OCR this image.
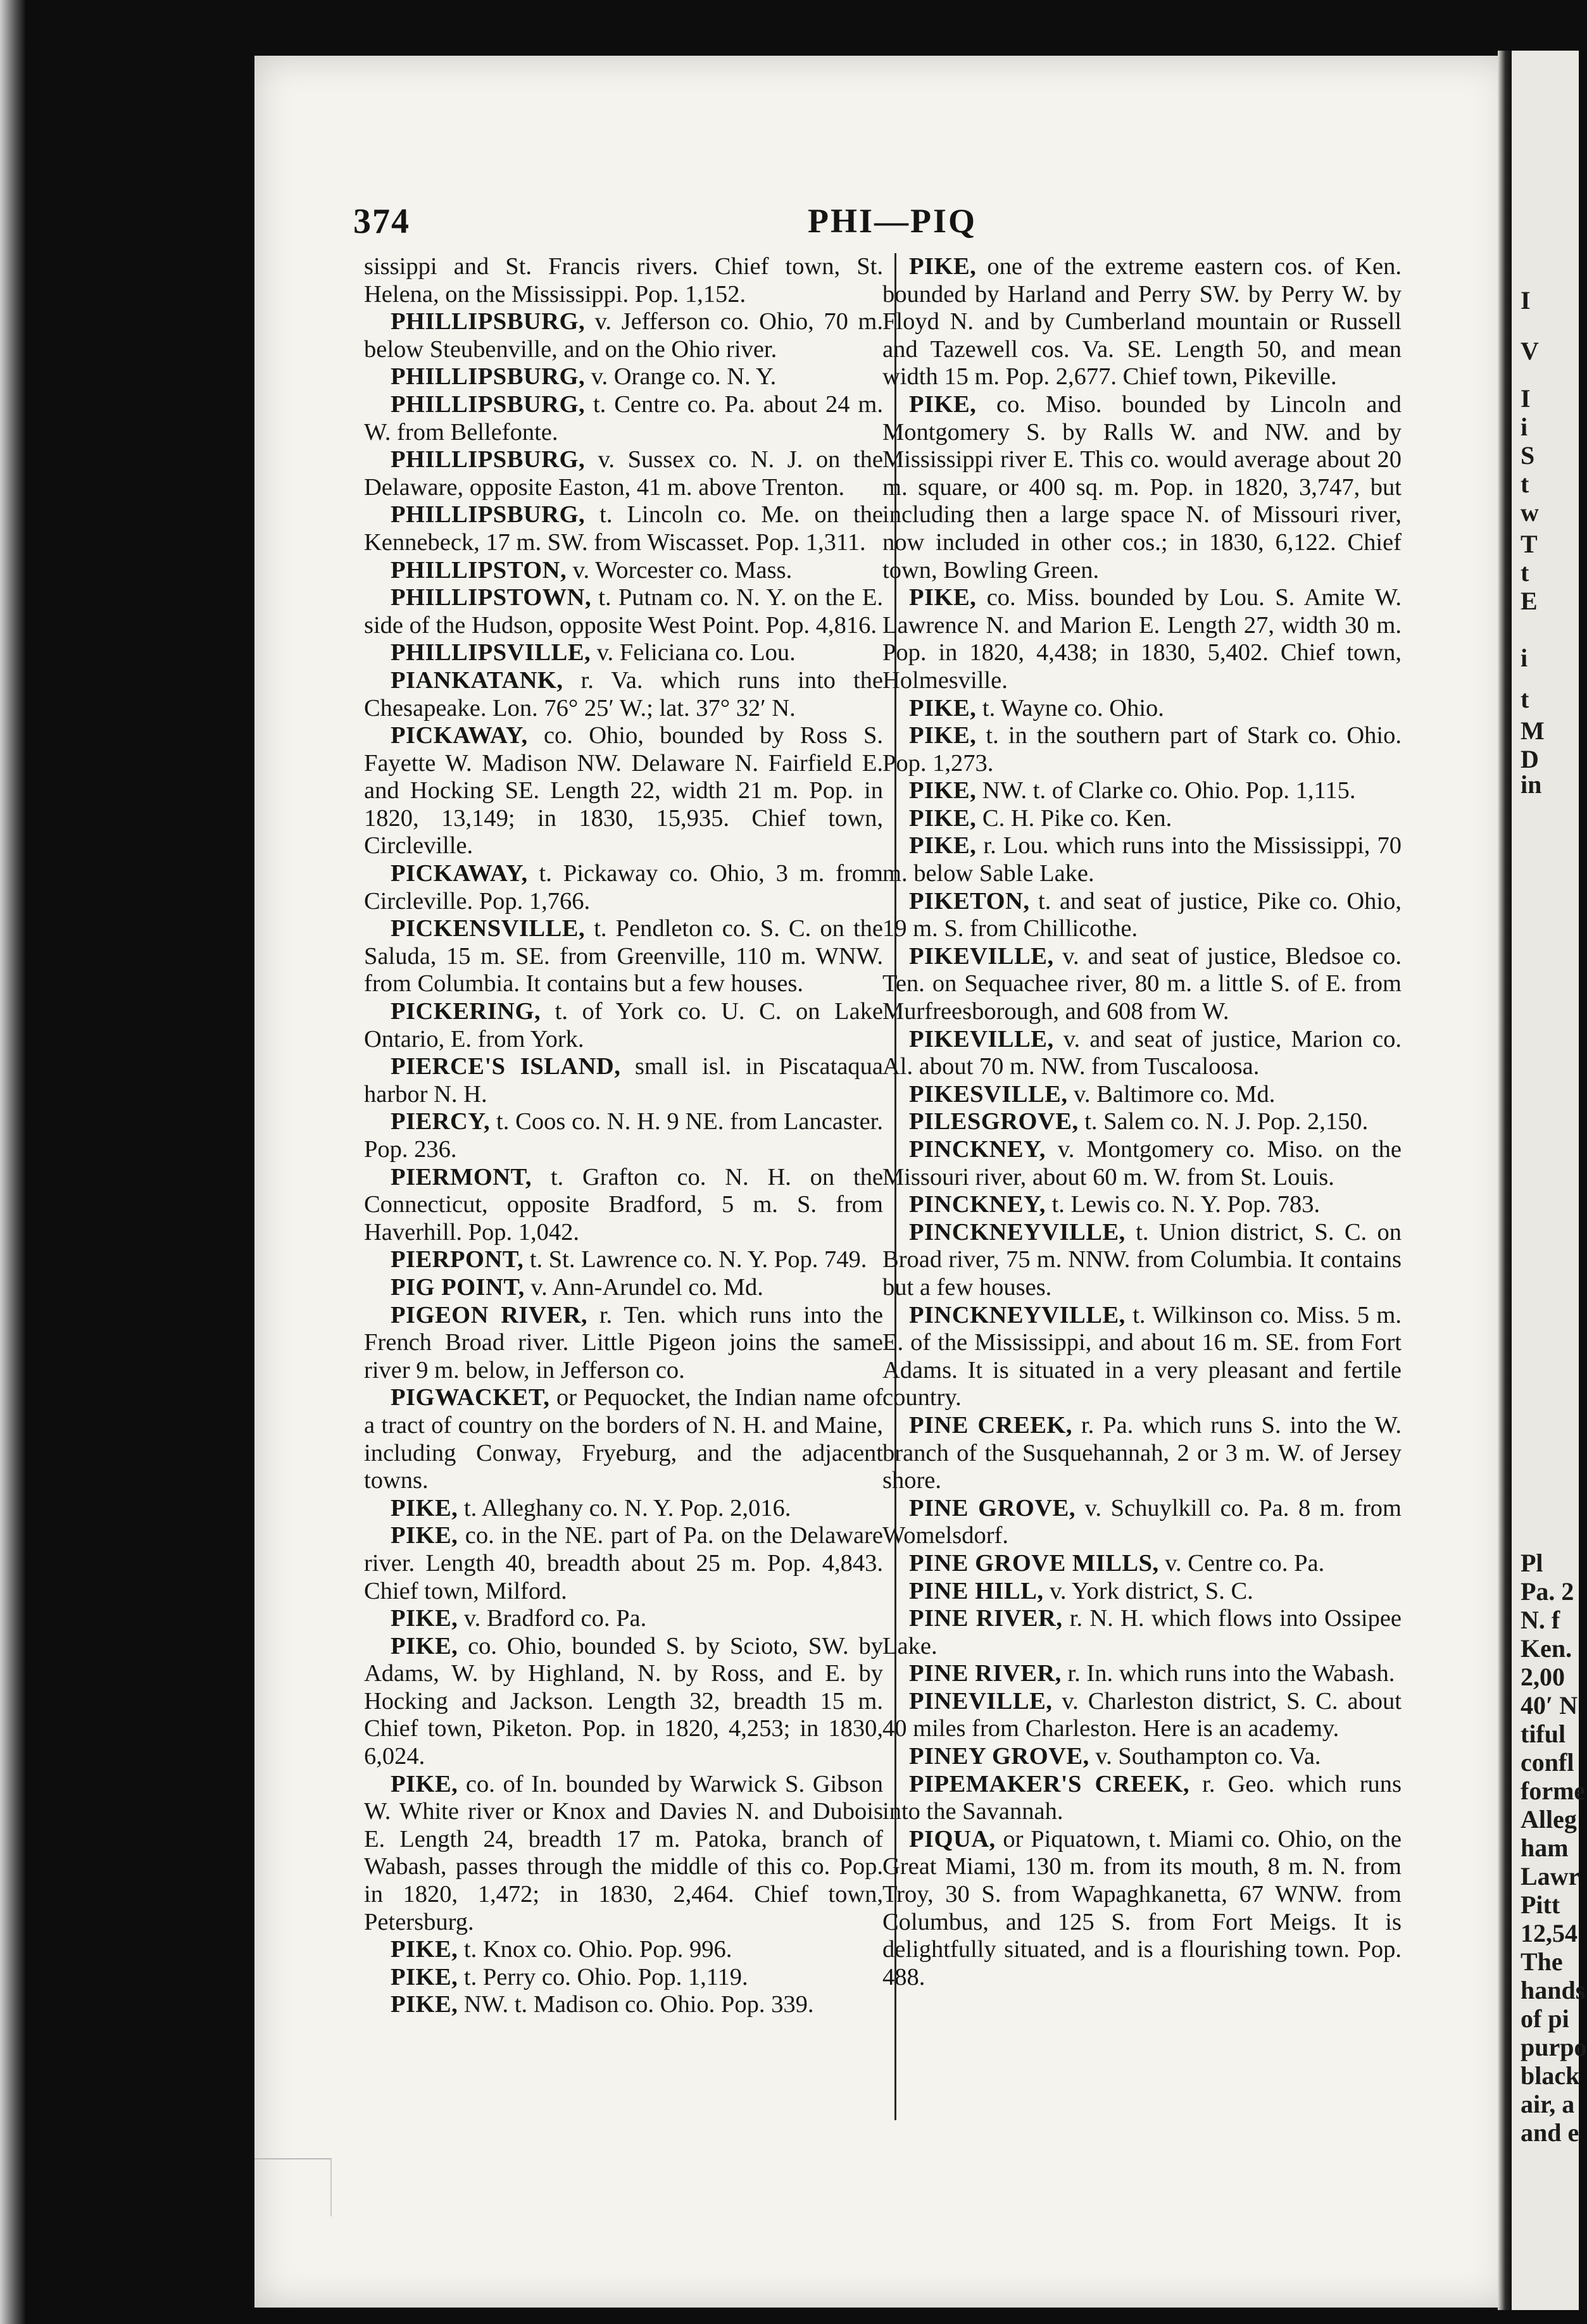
374	PHI—PIQ

sissippi and St. Francis rivers. Chief town, St. Helena, on the Mississippi. Pop. 1,152.

PHILLIPSBURG, v. Jefferson co. Ohio, 70 m. below Steubenville, and on the Ohio river.

PHILLIPSBURG, v. Orange co. N. Y.

PHILLIPSBURG, t. Centre co. Pa. about 24 m. W. from Bellefonte.

PHILLIPSBURG, v. Sussex co. N. J. on the Delaware, opposite Easton, 41 m. above Trenton.

PHILLIPSBURG, t. Lincoln co. Me. on the Kennebeck, 17 m. SW. from Wiscasset. Pop. 1,311.

PHILLIPSTON, v. Worcester co. Mass.

PHILLIPSTOWN, t. Putnam co. N. Y. on the E. side of the Hudson, opposite West Point. Pop. 4,816.

PHILLIPSVILLE, v. Feliciana co. Lou.

PIANKATANK, r. Va. which runs into the Chesapeake. Lon. 76° 25′ W.; lat. 37° 32′ N.

PICKAWAY, co. Ohio, bounded by Ross S. Fayette W. Madison NW. Delaware N. Fairfield E. and Hocking SE. Length 22, width 21 m. Pop. in 1820, 13,149; in 1830, 15,935. Chief town, Circleville.

PICKAWAY, t. Pickaway co. Ohio, 3 m. from Circleville. Pop. 1,766.

PICKENSVILLE, t. Pendleton co. S. C. on the Saluda, 15 m. SE. from Greenville, 110 m. WNW. from Columbia. It contains but a few houses.

PICKERING, t. of York co. U. C. on Lake Ontario, E. from York.

PIERCE'S ISLAND, small isl. in Piscataqua harbor N. H.

PIERCY, t. Coos co. N. H. 9 NE. from Lancaster. Pop. 236.

PIERMONT, t. Grafton co. N. H. on the Connecticut, opposite Bradford, 5 m. S. from Haverhill. Pop. 1,042.

PIERPONT, t. St. Lawrence co. N. Y. Pop. 749.

PIG POINT, v. Ann-Arundel co. Md.

PIGEON RIVER, r. Ten. which runs into the French Broad river. Little Pigeon joins the same river 9 m. below, in Jefferson co.

PIGWACKET, or Pequocket, the Indian name of a tract of country on the borders of N. H. and Maine, including Conway, Fryeburg, and the adjacent towns.

PIKE, t. Alleghany co. N. Y. Pop. 2,016.

PIKE, co. in the NE. part of Pa. on the Delaware river. Length 40, breadth about 25 m. Pop. 4,843. Chief town, Milford.

PIKE, v. Bradford co. Pa.

PIKE, co. Ohio, bounded S. by Scioto, SW. by Adams, W. by Highland, N. by Ross, and E. by Hocking and Jackson. Length 32, breadth 15 m. Chief town, Piketon. Pop. in 1820, 4,253; in 1830, 6,024.

PIKE, co. of In. bounded by Warwick S. Gibson W. White river or Knox and Davies N. and Dubois E. Length 24, breadth 17 m. Patoka, branch of Wabash, passes through the middle of this co. Pop. in 1820, 1,472; in 1830, 2,464. Chief town, Petersburg.

PIKE, t. Knox co. Ohio. Pop. 996.

PIKE, t. Perry co. Ohio. Pop. 1,119.

PIKE, NW. t. Madison co. Ohio. Pop. 339.

PIKE, one of the extreme eastern cos. of Ken. bounded by Harland and Perry SW. by Perry W. by Floyd N. and by Cumberland mountain or Russell and Tazewell cos. Va. SE. Length 50, and mean width 15 m. Pop. 2,677. Chief town, Pikeville.

PIKE, co. Miso. bounded by Lincoln and Montgomery S. by Ralls W. and NW. and by Mississippi river E. This co. would average about 20 m. square, or 400 sq. m. Pop. in 1820, 3,747, but including then a large space N. of Missouri river, now included in other cos.; in 1830, 6,122. Chief town, Bowling Green.

PIKE, co. Miss. bounded by Lou. S. Amite W. Lawrence N. and Marion E. Length 27, width 30 m. Pop. in 1820, 4,438; in 1830, 5,402. Chief town, Holmesville.

PIKE, t. Wayne co. Ohio.

PIKE, t. in the southern part of Stark co. Ohio. Pop. 1,273.

PIKE, NW. t. of Clarke co. Ohio. Pop. 1,115.

PIKE, C. H. Pike co. Ken.

PIKE, r. Lou. which runs into the Mississippi, 70 m. below Sable Lake.

PIKETON, t. and seat of justice, Pike co. Ohio, 19 m. S. from Chillicothe.

PIKEVILLE, v. and seat of justice, Bledsoe co. Ten. on Sequachee river, 80 m. a little S. of E. from Murfreesborough, and 608 from W.

PIKEVILLE, v. and seat of justice, Marion co. Al. about 70 m. NW. from Tuscaloosa.

PIKESVILLE, v. Baltimore co. Md.

PILESGROVE, t. Salem co. N. J. Pop. 2,150.

PINCKNEY, v. Montgomery co. Miso. on the Missouri river, about 60 m. W. from St. Louis.

PINCKNEY, t. Lewis co. N. Y. Pop. 783.

PINCKNEYVILLE, t. Union district, S. C. on Broad river, 75 m. NNW. from Columbia. It contains but a few houses.

PINCKNEYVILLE, t. Wilkinson co. Miss. 5 m. E. of the Mississippi, and about 16 m. SE. from Fort Adams. It is situated in a very pleasant and fertile country.

PINE CREEK, r. Pa. which runs S. into the W. branch of the Susquehannah, 2 or 3 m. W. of Jersey shore.

PINE GROVE, v. Schuylkill co. Pa. 8 m. from Womelsdorf.

PINE GROVE MILLS, v. Centre co. Pa.

PINE HILL, v. York district, S. C.

PINE RIVER, r. N. H. which flows into Ossipee Lake.

PINE RIVER, r. In. which runs into the Wabash.

PINEVILLE, v. Charleston district, S. C. about 40 miles from Charleston. Here is an academy.

PINEY GROVE, v. Southampton co. Va.

PIPEMAKER'S CREEK, r. Geo. which runs into the Savannah.

PIQUA, or Piquatown, t. Miami co. Ohio, on the Great Miami, 130 m. from its mouth, 8 m. N. from Troy, 30 S. from Wapaghkanetta, 67 WNW. from Columbus, and 125 S. from Fort Meigs. It is delightfully situated, and is a flourishing town. Pop. 488.

I
V
I
i
S
t
w
T
t
E
i
t
M
D
in
Pl
Pa. 2
N. f
Ken.
2,00
40′ N
tiful
confl
forme
Alleg
ham
Lawr
Pitt
12,54
The
hands
of pi
purpo
black
air, a
and e
